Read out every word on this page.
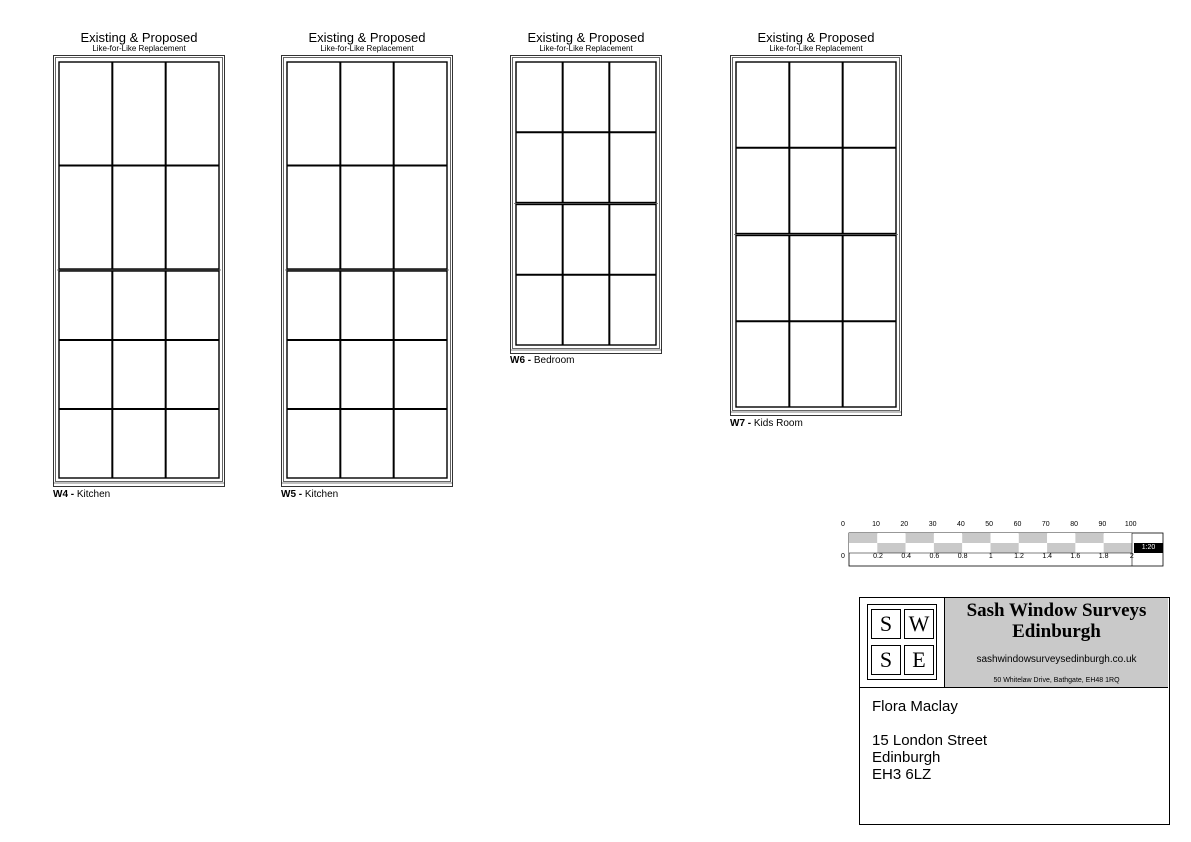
Existing & Proposed
Like-for-Like Replacement
W4 - Kitchen
Existing & Proposed
Like-for-Like Replacement
W5 - Kitchen
Existing & Proposed
Like-for-Like Replacement
W6 - Bedroom
Existing & Proposed
Like-for-Like Replacement
W7 - Kids Room
0	10	20	30	40	50	60	70	80	90	100
0	0.2	0.4	0.6	0.8	1	1.2	1.4	1.6	1.8	2
1:20
S W
S E
Sash Window Surveys
Edinburgh
sashwindowsurveysedinburgh.co.uk
50 Whitelaw Drive, Bathgate, EH48 1RQ
Flora Maclay
15 London Street
Edinburgh
EH3 6LZ
